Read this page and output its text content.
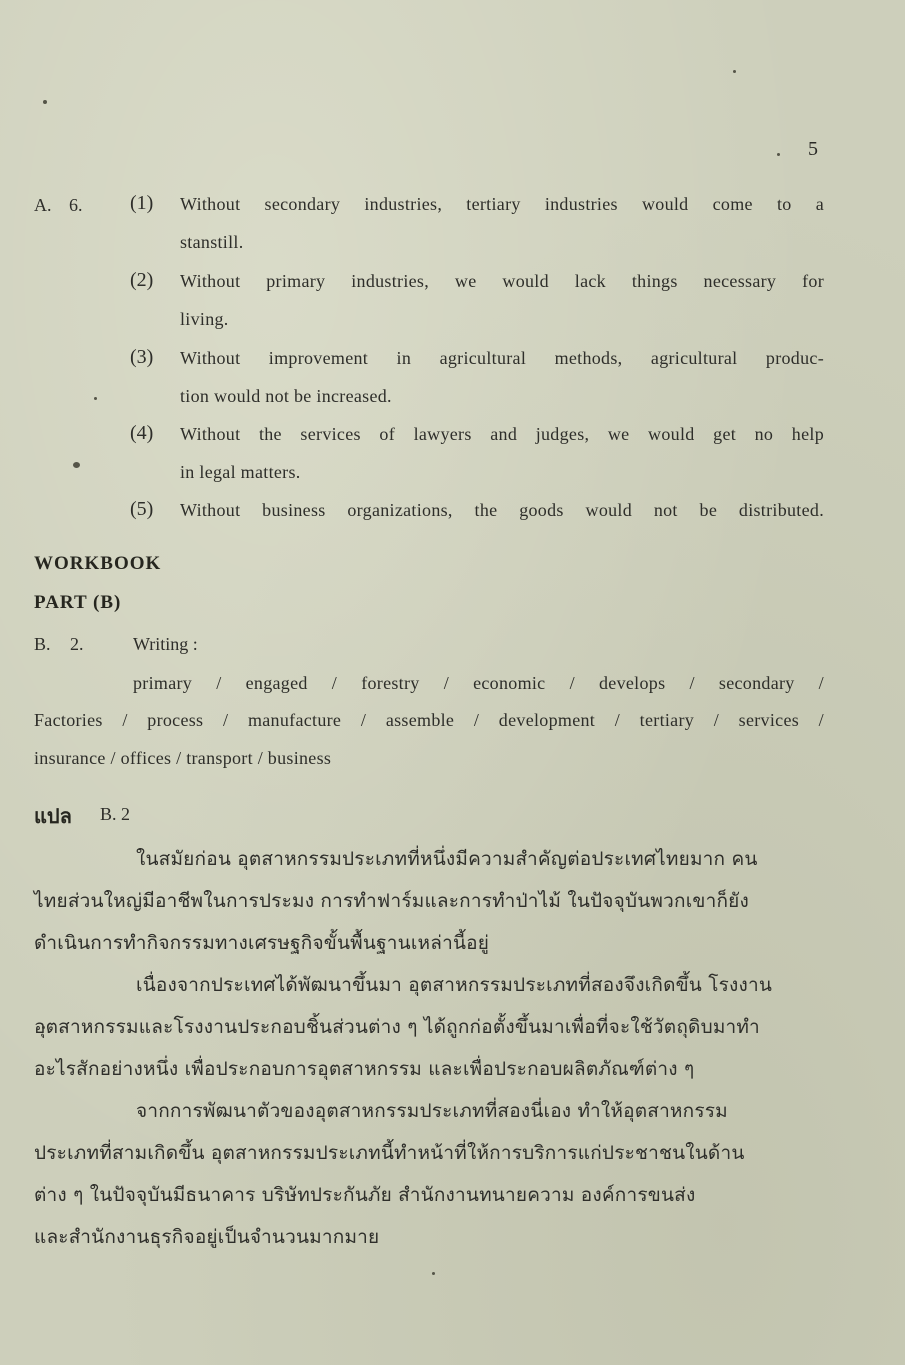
5
A. 6. (1) Without secondary industries, tertiary industries would come to a
stanstill.
(2) Without primary industries, we would lack things necessary for
living.
(3) Without improvement in agricultural methods, agricultural produc-
tion would not be increased.
(4) Without the services of lawyers and judges, we would get no help
in legal matters.
(5) Without business organizations, the goods would not be distributed.
WORKBOOK
PART (B)
B. 2.	Writing :
primary / engaged / forestry / economic / develops / secondary /
Factories / process / manufacture / assemble / development / tertiary / services /
insurance / offices / transport / business
แปล B. 2
ในสมัยก่อน อุตสาหกรรมประเภทที่หนึ่งมีความสำคัญต่อประเทศไทยมาก คน
ไทยส่วนใหญ่มีอาชีพในการประมง การทำฟาร์มและการทำป่าไม้ ในปัจจุบันพวกเขาก็ยัง
ดำเนินการทำกิจกรรมทางเศรษฐกิจขั้นพื้นฐานเหล่านี้อยู่
เนื่องจากประเทศได้พัฒนาขึ้นมา อุตสาหกรรมประเภทที่สองจึงเกิดขึ้น โรงงาน
อุตสาหกรรมและโรงงานประกอบชิ้นส่วนต่าง ๆ ได้ถูกก่อตั้งขึ้นมาเพื่อที่จะใช้วัตถุดิบมาทำ
อะไรสักอย่างหนึ่ง เพื่อประกอบการอุตสาหกรรม และเพื่อประกอบผลิตภัณฑ์ต่าง ๆ
จากการพัฒนาตัวของอุตสาหกรรมประเภทที่สองนี่เอง ทำให้อุตสาหกรรม
ประเภทที่สามเกิดขึ้น อุตสาหกรรมประเภทนี้ทำหน้าที่ให้การบริการแก่ประชาชนในด้าน
ต่าง ๆ ในปัจจุบันมีธนาคาร บริษัทประกันภัย สำนักงานทนายความ องค์การขนส่ง
และสำนักงานธุรกิจอยู่เป็นจำนวนมากมาย
